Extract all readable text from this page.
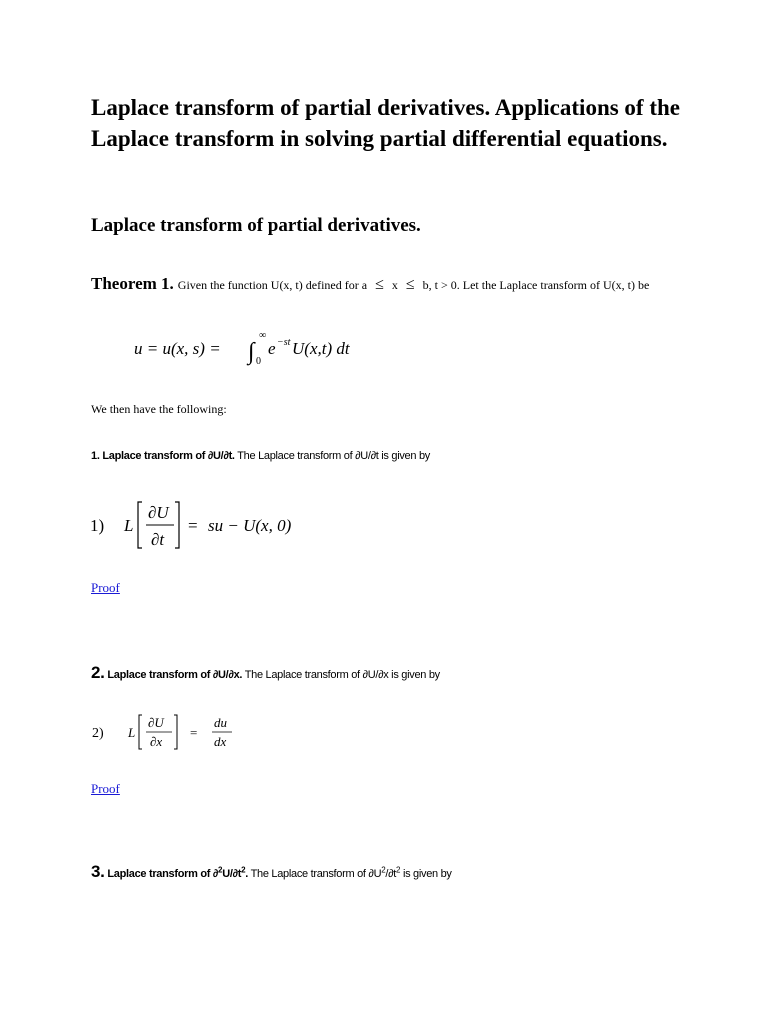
Laplace transform of partial derivatives. Applications of the Laplace transform in solving partial differential equations.
Laplace transform of partial derivatives.
Theorem 1. Given the function U(x, t) defined for a ≤ x ≤ b, t > 0. Let the Laplace transform of U(x, t) be
u = u(x, s) = ∫
∞
0
e −st U(x,t) dt
We then have the following:
1. Laplace transform of ∂U/∂t. The Laplace transform of ∂U/∂t is given by
1) L
∂U
∂t
= su − U(x, 0)
Proof
2. Laplace transform of ∂U/∂x. The Laplace transform of ∂U/∂x is given by
2) L
∂U
∂x
=
du
dx
Proof
3. Laplace transform of $\partial^2U/\partial t^2$. The Laplace transform of $\partial U^2/\partial t^2$ is given by
